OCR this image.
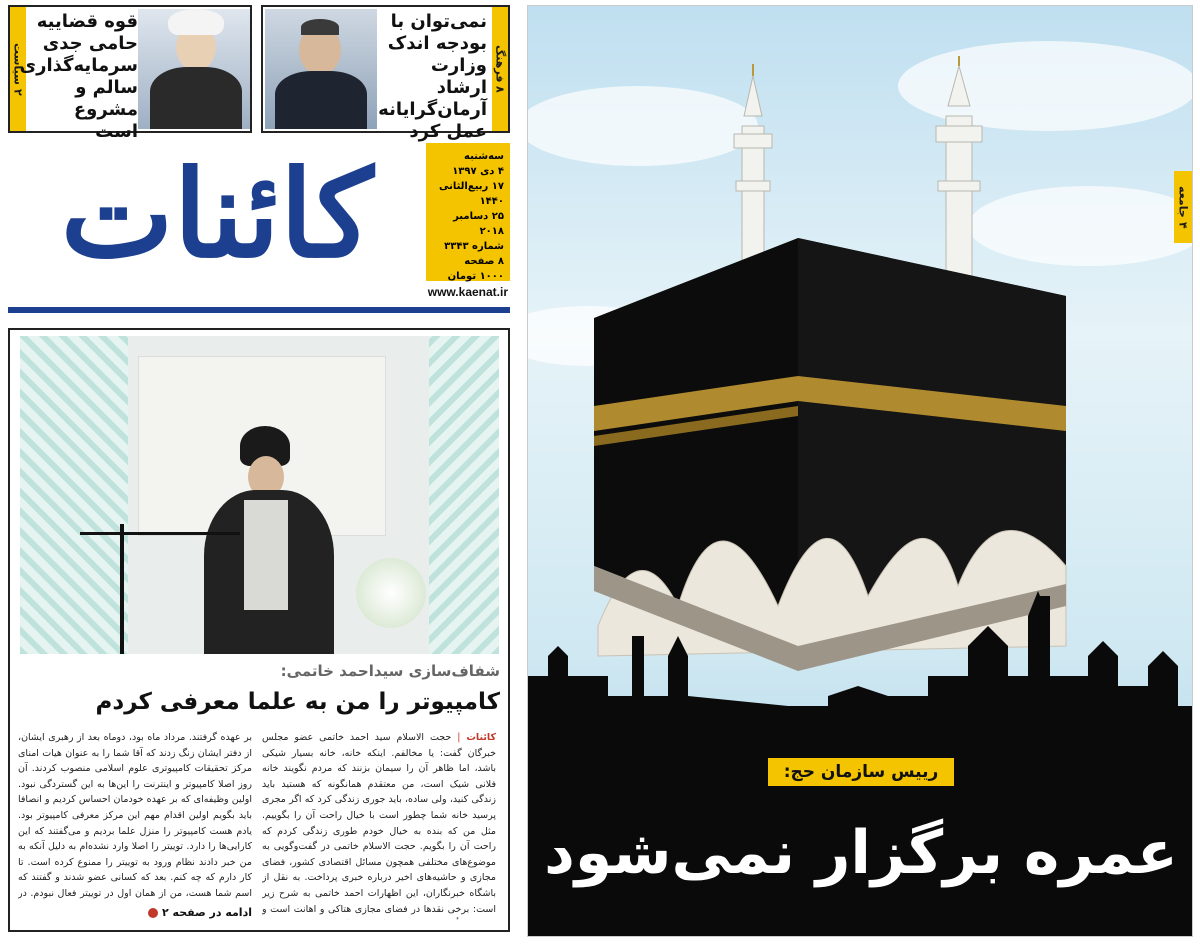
سیاست
۲
قوه قضاییه
حامی جدی
سرمایه‌گذاری
سالم و مشروع
است
نمی‌توان با
بودجه اندک
وزارت ارشاد
آرمان‌گرایانه
عمل کرد
فرهنگ
۸
کائنات	سه‌شنبه
۴ دی ۱۳۹۷
۱۷ ربیع‌الثانی ۱۴۴۰
۲۵ دسامبر ۲۰۱۸
شماره ۳۳۴۳
۸ صفحه
۱۰۰۰ تومان
www.kaenat.ir
شفاف‌سازی سیداحمد خاتمی:
کامپیوتر را من به علما معرفی کردم
کائنات | حجت الاسلام سید احمد خاتمی عضو مجلس خبرگان گفت: یا مخالفم. اینکه خانه، خانه بسیار شیکی باشد، اما ظاهر آن را سیمان بزنند که مردم نگویند خانه فلانی شیک است، من معتقدم همانگونه که هستید باید زندگی کنید، ولی ساده، باید جوری زندگی کرد که اگر مجری پرسید خانه شما چطور است با خیال راحت آن را بگوییم. مثل من که بنده به خیال خودم طوری زندگی کردم که راحت آن را بگویم. حجت الاسلام خاتمی در گفت‌وگویی به موضوع‌های مختلفی همچون مسائل اقتصادی کشور، فضای مجازی و حاشیه‌های اخیر درباره خبری پرداخت. به نقل از باشگاه خبرنگاران، این اظهارات احمد خاتمی به شرح زیر است: برخی نقدها در فضای مجازی هتاکی و اهانت است و
بر عهده گرفتند. مرداد ماه بود، دوماه بعد از رهبری ایشان، از دفتر ایشان زنگ زدند که آقا شما را به عنوان هیات امنای مرکز تحقیقات کامپیوتری علوم اسلامی منصوب کردند. آن روز اصلا کامپیوتر و اینترنت را این‌ها به این گستردگی نبود. اولین وظیفه‌ای که بر عهده خودمان احساس کردیم و انصافا باید بگویم اولین اقدام مهم این مرکز معرفی کامپیوتر بود. یادم هست کامپیوتر را منزل علما بردیم و می‌گفتند که این کارایی‌ها را دارد. توییتر را اصلا وارد نشده‌ام به دلیل آنکه به من خبر دادند نظام ورود به توییتر را ممنوع کرده است. تا کار دارم که چه کنم. بعد که کسانی عضو شدند و گفتند که اسم شما هست، من از همان اول در توییتر فعال نبودم. در
ادامه در صفحه ۲
جامعه
۴
رییس سازمان حج:
عمره برگزار نمی‌شود
